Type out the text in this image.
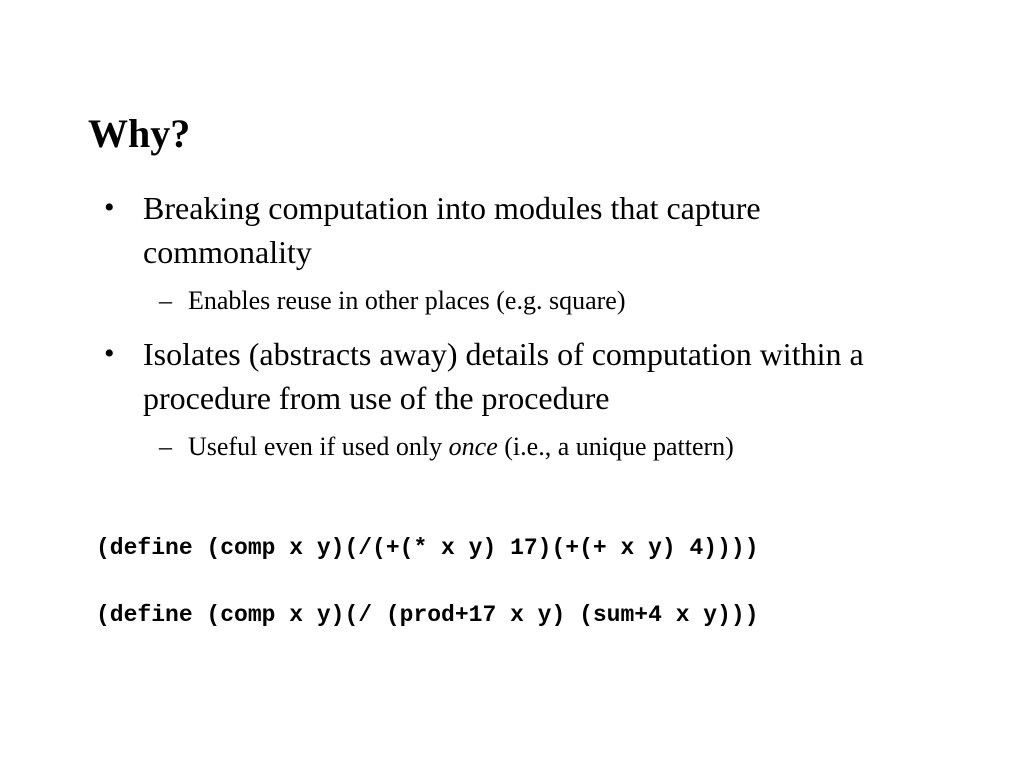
Why?
• Breaking computation into modules that capture commonality
– Enables reuse in other places (e.g. square)
• Isolates (abstracts away) details of computation within a procedure from use of the procedure
– Useful even if used only once (i.e., a unique pattern)
(define (comp x y)(/(+(* x y) 17)(+(+ x y) 4))))
(define (comp x y)(/ (prod+17 x y) (sum+4 x y)))
